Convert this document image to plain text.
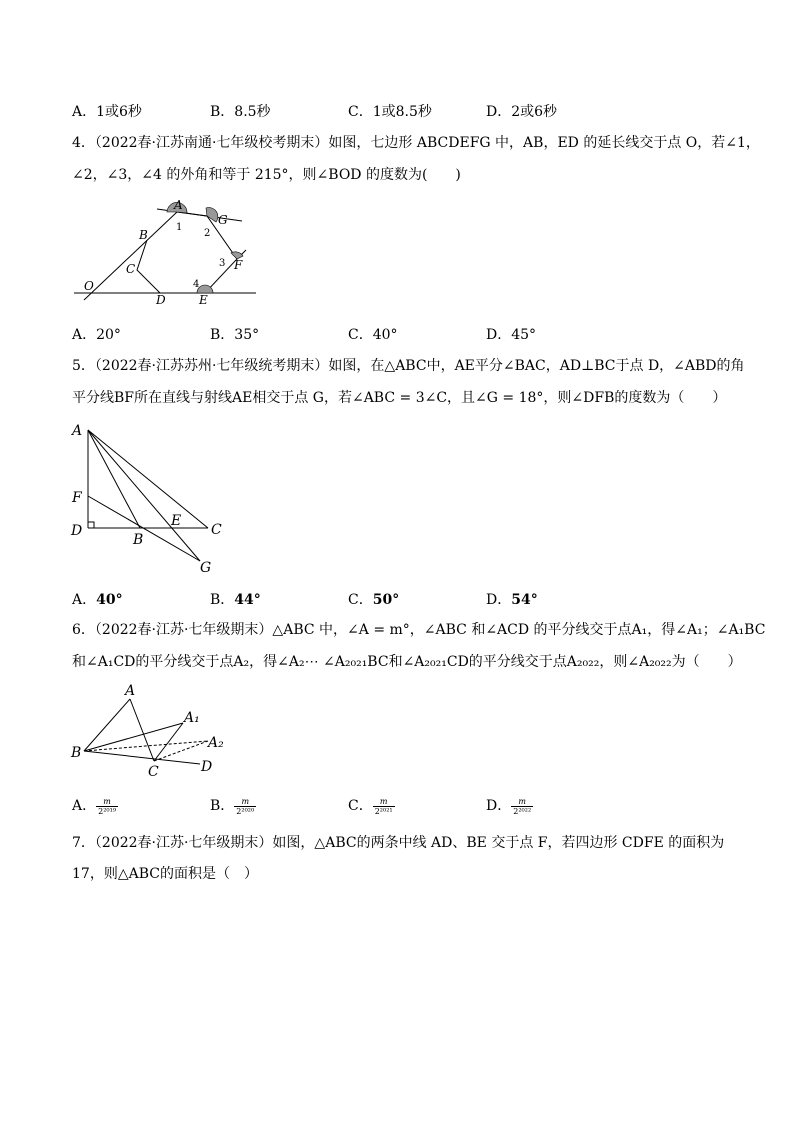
A．1或6秒	B．8.5秒	C．1或8.5秒	D．2或6秒
4．（2022春·江苏南通·七年级校考期末）如图，七边形 ABCDEFG 中，AB，ED 的延长线交于点 O，若∠1，
∠2，∠3，∠4 的外角和等于 215°，则∠BOD 的度数为(　　)
A
B
C
D	E
F
G
O
1
2
3
4
A．20°	B．35°	C．40°	D．45°
5．（2022春·江苏苏州·七年级统考期末）如图，在△ABC中，AE平分∠BAC，AD⊥BC于点 D，∠ABD的角
平分线BF所在直线与射线AE相交于点 G，若∠ABC = 3∠C，且∠G = 18°，则∠DFB的度数为（　　）
A
F
D
B
E
C
G
A．40°	B．44°	C．50°	D．54°
6．（2022春·江苏·七年级期末）△ABC 中，∠A = m°，∠ABC 和∠ACD 的平分线交于点A₁，得∠A₁；∠A₁BC
和∠A₁CD的平分线交于点A₂，得∠A₂⋯ ∠A₂₀₂₁BC和∠A₂₀₂₁CD的平分线交于点A₂₀₂₂，则∠A₂₀₂₂为（　　）
A
A₁
A₂
B
C	D
A． $\frac{m}{\text{2²⁰¹⁹}}$	B． $\frac{m}{\text{2²⁰²⁰}}$	C． $\frac{m}{\text{2²⁰²¹}}$	D． $\frac{m}{\text{2²⁰²²}}$
7．（2022春·江苏·七年级期末）如图，△ABC的两条中线 AD、BE 交于点 F，若四边形 CDFE 的面积为
17，则△ABC的面积是（　）
